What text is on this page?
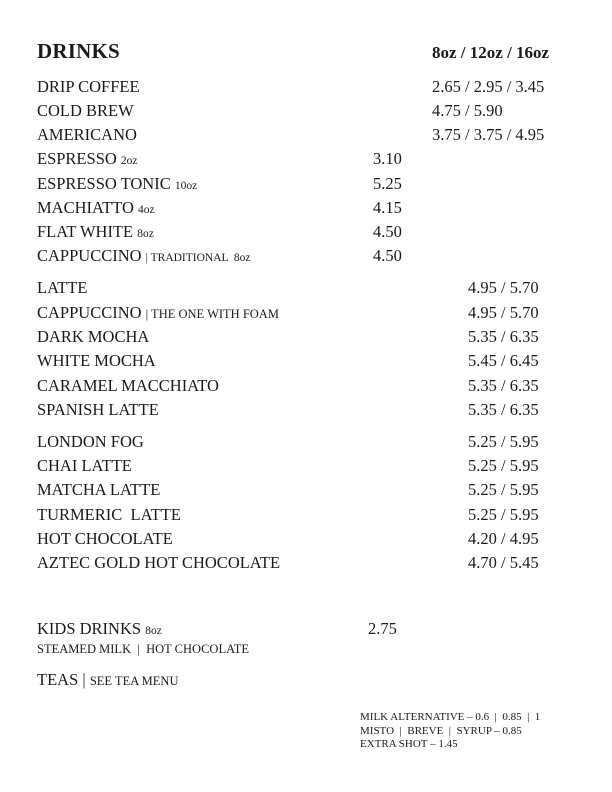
DRINKS	8oz / 12oz / 16oz
DRIP COFFEE	2.65 / 2.95 / 3.45
COLD BREW	4.75 / 5.90
AMERICANO	3.75 / 3.75 / 4.95
ESPRESSO 2oz	3.10
ESPRESSO TONIC 10oz	5.25
MACHIATTO 4oz	4.15
FLAT WHITE 8oz	4.50
CAPPUCCINO | TRADITIONAL  8oz	4.50
LATTE	4.95 / 5.70
CAPPUCCINO | THE ONE WITH FOAM	4.95 / 5.70
DARK MOCHA	5.35 / 6.35
WHITE MOCHA	5.45 / 6.45
CARAMEL MACCHIATO	5.35 / 6.35
SPANISH LATTE	5.35 / 6.35
LONDON FOG	5.25 / 5.95
CHAI LATTE	5.25 / 5.95
MATCHA LATTE	5.25 / 5.95
TURMERIC  LATTE	5.25 / 5.95
HOT CHOCOLATE	4.20 / 4.95
AZTEC GOLD HOT CHOCOLATE	4.70 / 5.45
KIDS DRINKS 8oz	2.75
STEAMED MILK  |  HOT CHOCOLATE
TEAS | SEE TEA MENU
MILK ALTERNATIVE – 0.6  |  0.85  |  1
MISTO  |  BREVE  |  SYRUP – 0.85
EXTRA SHOT – 1.45
